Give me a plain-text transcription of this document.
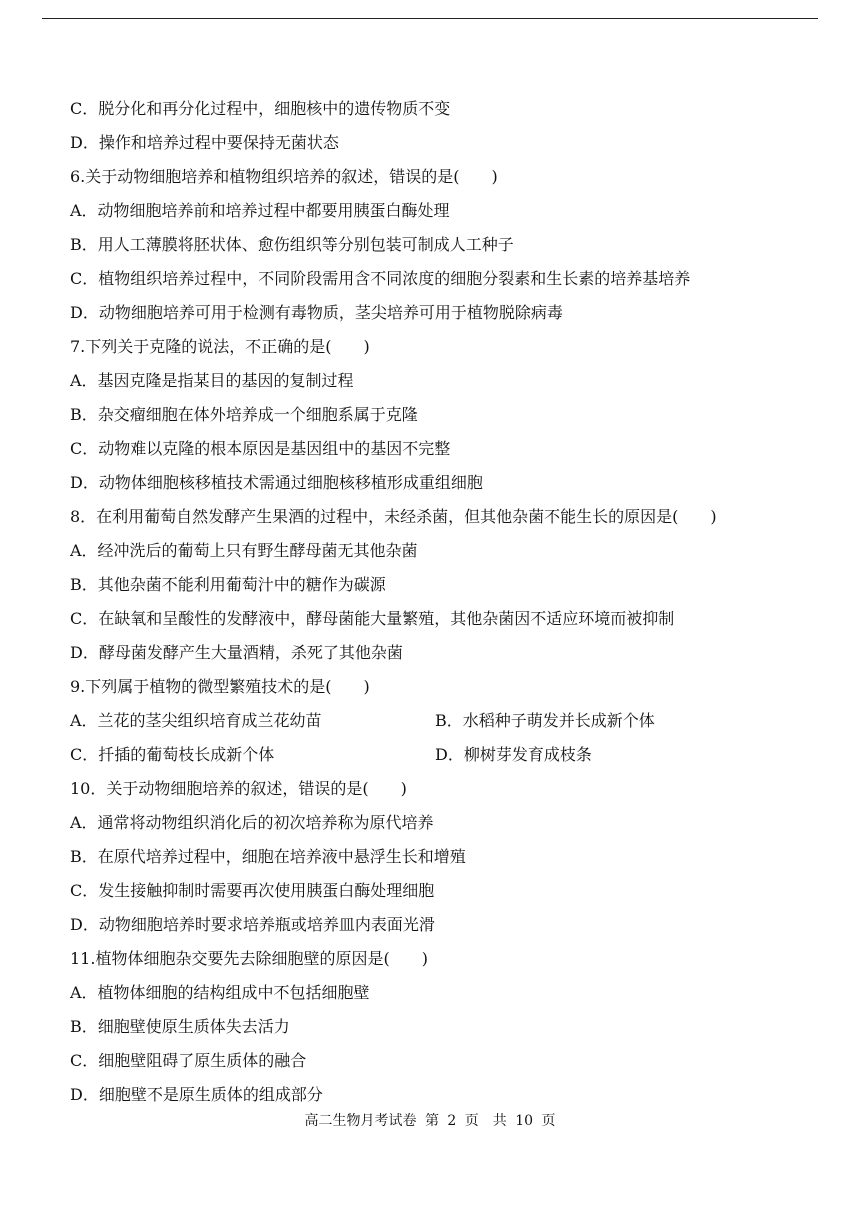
C．脱分化和再分化过程中，细胞核中的遗传物质不变
D．操作和培养过程中要保持无菌状态
6.关于动物细胞培养和植物组织培养的叙述，错误的是(　　)
A．动物细胞培养前和培养过程中都要用胰蛋白酶处理
B．用人工薄膜将胚状体、愈伤组织等分别包装可制成人工种子
C．植物组织培养过程中，不同阶段需用含不同浓度的细胞分裂素和生长素的培养基培养
D．动物细胞培养可用于检测有毒物质，茎尖培养可用于植物脱除病毒
7.下列关于克隆的说法，不正确的是(　　)
A．基因克隆是指某目的基因的复制过程
B．杂交瘤细胞在体外培养成一个细胞系属于克隆
C．动物难以克隆的根本原因是基因组中的基因不完整
D．动物体细胞核移植技术需通过细胞核移植形成重组细胞
8．在利用葡萄自然发酵产生果酒的过程中，未经杀菌，但其他杂菌不能生长的原因是(　　)
A．经冲洗后的葡萄上只有野生酵母菌无其他杂菌
B．其他杂菌不能利用葡萄汁中的糖作为碳源
C．在缺氧和呈酸性的发酵液中，酵母菌能大量繁殖，其他杂菌因不适应环境而被抑制
D．酵母菌发酵产生大量酒精，杀死了其他杂菌
9.下列属于植物的微型繁殖技术的是(　　)
A．兰花的茎尖组织培育成兰花幼苗	B．水稻种子萌发并长成新个体
C．扦插的葡萄枝长成新个体	D．柳树芽发育成枝条
10．关于动物细胞培养的叙述，错误的是(　　)
A．通常将动物组织消化后的初次培养称为原代培养
B．在原代培养过程中，细胞在培养液中悬浮生长和增殖
C．发生接触抑制时需要再次使用胰蛋白酶处理细胞
D．动物细胞培养时要求培养瓶或培养皿内表面光滑
11.植物体细胞杂交要先去除细胞壁的原因是(　　)
A．植物体细胞的结构组成中不包括细胞壁
B．细胞壁使原生质体失去活力
C．细胞壁阻碍了原生质体的融合
D．细胞壁不是原生质体的组成部分
高二生物月考试卷 第 2 页　共 10 页
